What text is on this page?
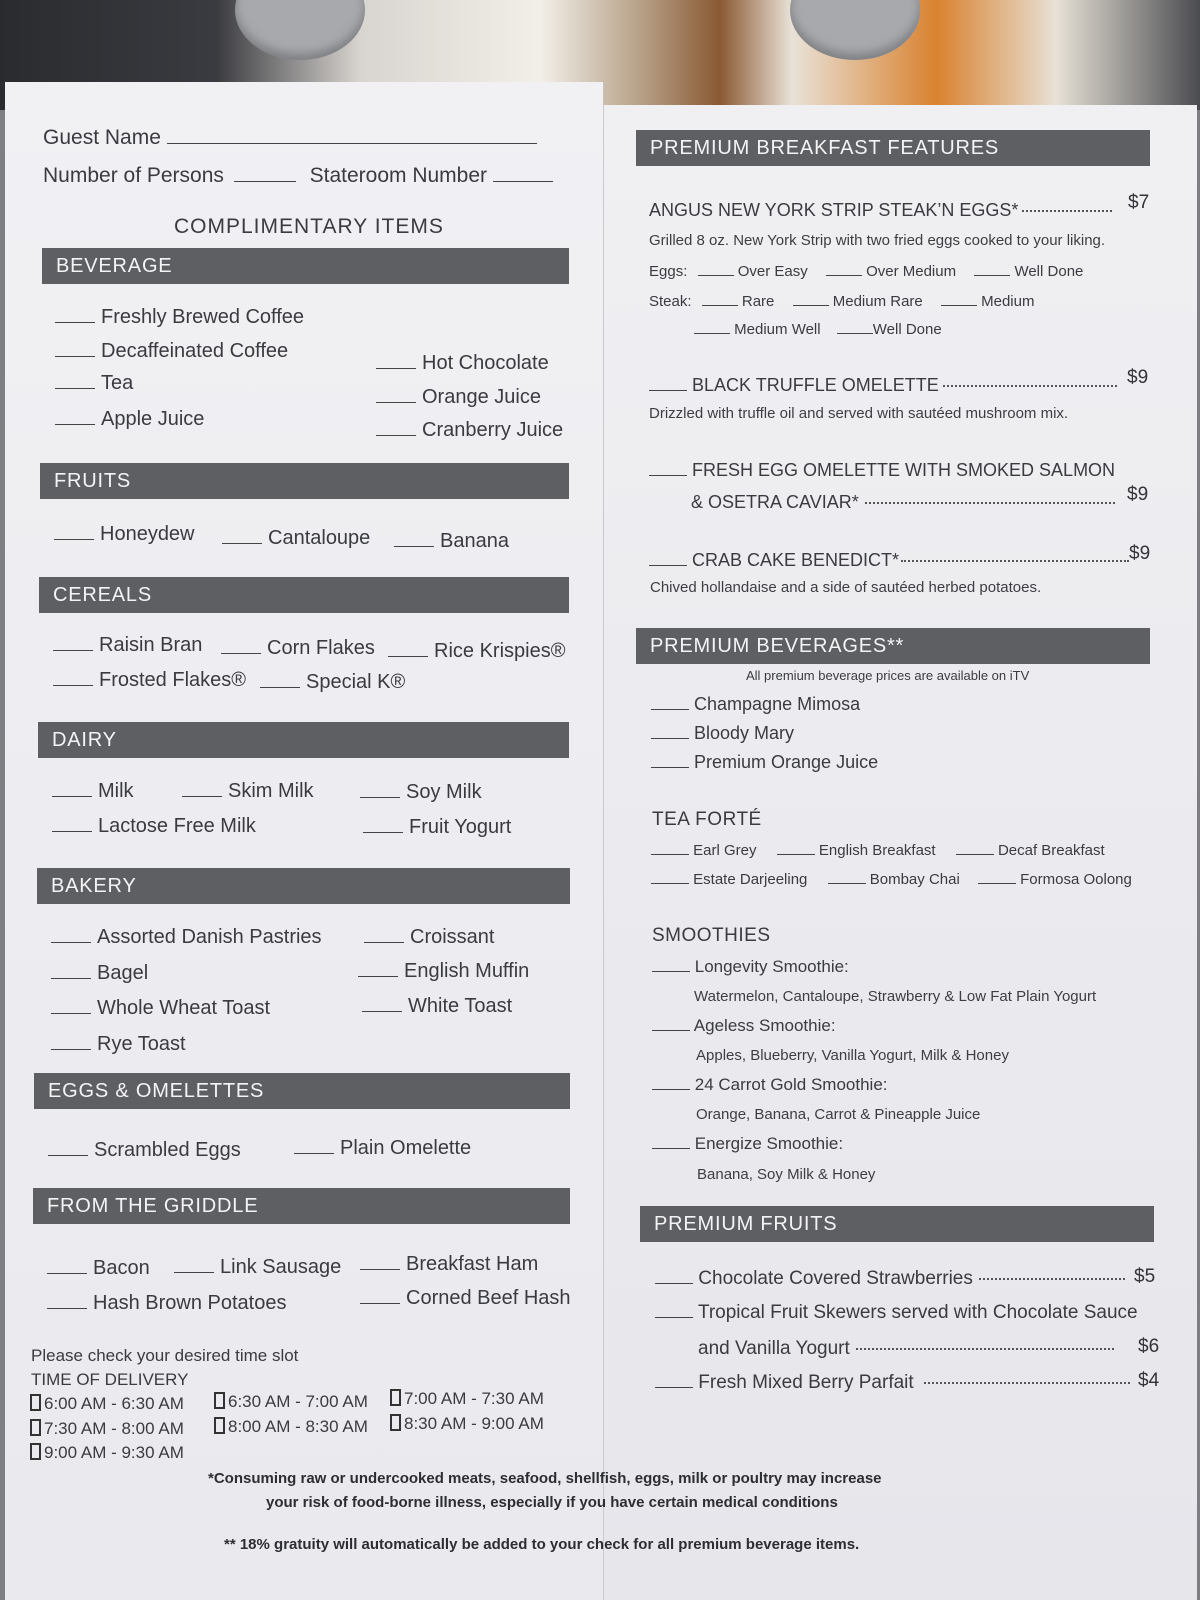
Guest Name
Number of Persons	Stateroom Number
COMPLIMENTARY ITEMS
BEVERAGE
Freshly Brewed Coffee
Decaffeinated Coffee
Tea
Apple Juice
Hot Chocolate
Orange Juice
Cranberry Juice
FRUITS
Honeydew	Cantaloupe	Banana
CEREALS
Raisin Bran	Corn Flakes	Rice Krispies®
Frosted Flakes®	Special K®
DAIRY
Milk	Skim Milk	Soy Milk
Lactose Free Milk	Fruit Yogurt
BAKERY
Assorted Danish Pastries	Croissant
Bagel	English Muffin
Whole Wheat Toast	White Toast
Rye Toast
EGGS & OMELETTES
Scrambled Eggs	Plain Omelette
FROM THE GRIDDLE
Bacon	Link Sausage	Breakfast Ham
Hash Brown Potatoes	Corned Beef Hash
Please check your desired time slot
TIME OF DELIVERY
6:00 AM - 6:30 AM	6:30 AM - 7:00 AM	7:00 AM - 7:30 AM
7:30 AM - 8:00 AM	8:00 AM - 8:30 AM	8:30 AM - 9:00 AM
9:00 AM - 9:30 AM
PREMIUM BREAKFAST FEATURES
ANGUS NEW YORK STRIP STEAK’N EGGS*	$7
Grilled 8 oz. New York Strip with two fried eggs cooked to your liking.
Eggs:	Over Easy	Over Medium	Well Done
Steak:	Rare	Medium Rare	Medium
Medium Well	Well Done
BLACK TRUFFLE OMELETTE	$9
Drizzled with truffle oil and served with sautéed mushroom mix.
FRESH EGG OMELETTE WITH SMOKED SALMON
& OSETRA CAVIAR*	$9
CRAB CAKE BENEDICT*	$9
Chived hollandaise and a side of sautéed herbed potatoes.
PREMIUM BEVERAGES**
All premium beverage prices are available on iTV
Champagne Mimosa
Bloody Mary
Premium Orange Juice
TEA FORTÉ
Earl Grey	English Breakfast	Decaf Breakfast
Estate Darjeeling	Bombay Chai	Formosa Oolong
SMOOTHIES
Longevity Smoothie:
Watermelon, Cantaloupe, Strawberry & Low Fat Plain Yogurt
Ageless Smoothie:
Apples, Blueberry, Vanilla Yogurt, Milk & Honey
24 Carrot Gold Smoothie:
Orange, Banana, Carrot & Pineapple Juice
Energize Smoothie:
Banana, Soy Milk & Honey
PREMIUM FRUITS
Chocolate Covered Strawberries	$5
Tropical Fruit Skewers served with Chocolate Sauce
and Vanilla Yogurt	$6
Fresh Mixed Berry Parfait	$4
*Consuming raw or undercooked meats, seafood, shellfish, eggs, milk or poultry may increase
your risk of food-borne illness, especially if you have certain medical conditions
** 18% gratuity will automatically be added to your check for all premium beverage items.
